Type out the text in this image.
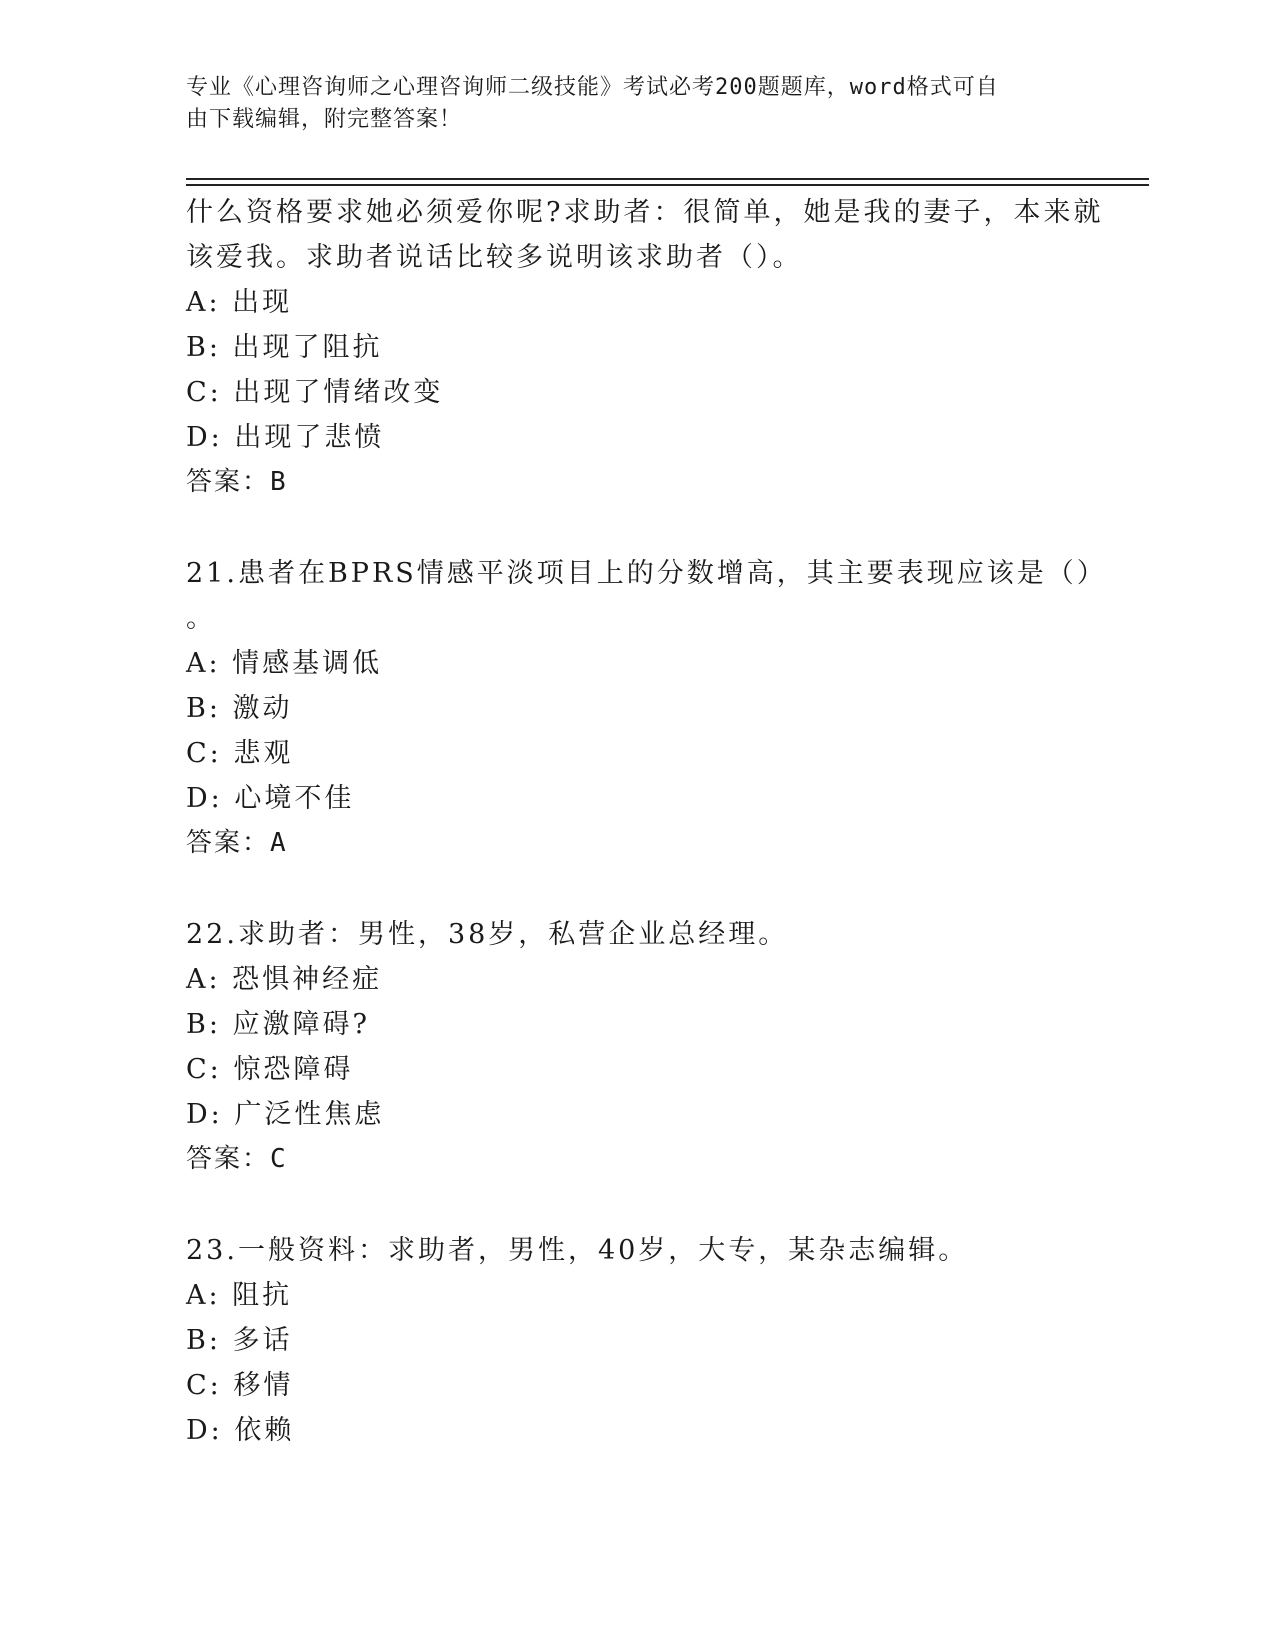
专业《心理咨询师之心理咨询师二级技能》考试必考200题题库，word格式可自
由下载编辑，附完整答案！
什么资格要求她必须爱你呢?求助者：很简单，她是我的妻子，本来就
该爱我。求助者说话比较多说明该求助者（）。
A: 出现
B: 出现了阻抗
C: 出现了情绪改变
D: 出现了悲愤
答案：B
21.患者在BPRS情感平淡项目上的分数增高，其主要表现应该是（）
。
A: 情感基调低
B: 激动
C: 悲观
D: 心境不佳
答案：A
22.求助者：男性，38岁，私营企业总经理。
A: 恐惧神经症
B: 应激障碍?
C: 惊恐障碍
D: 广泛性焦虑
答案：C
23.一般资料：求助者，男性，40岁，大专，某杂志编辑。
A: 阻抗
B: 多话
C: 移情
D: 依赖
